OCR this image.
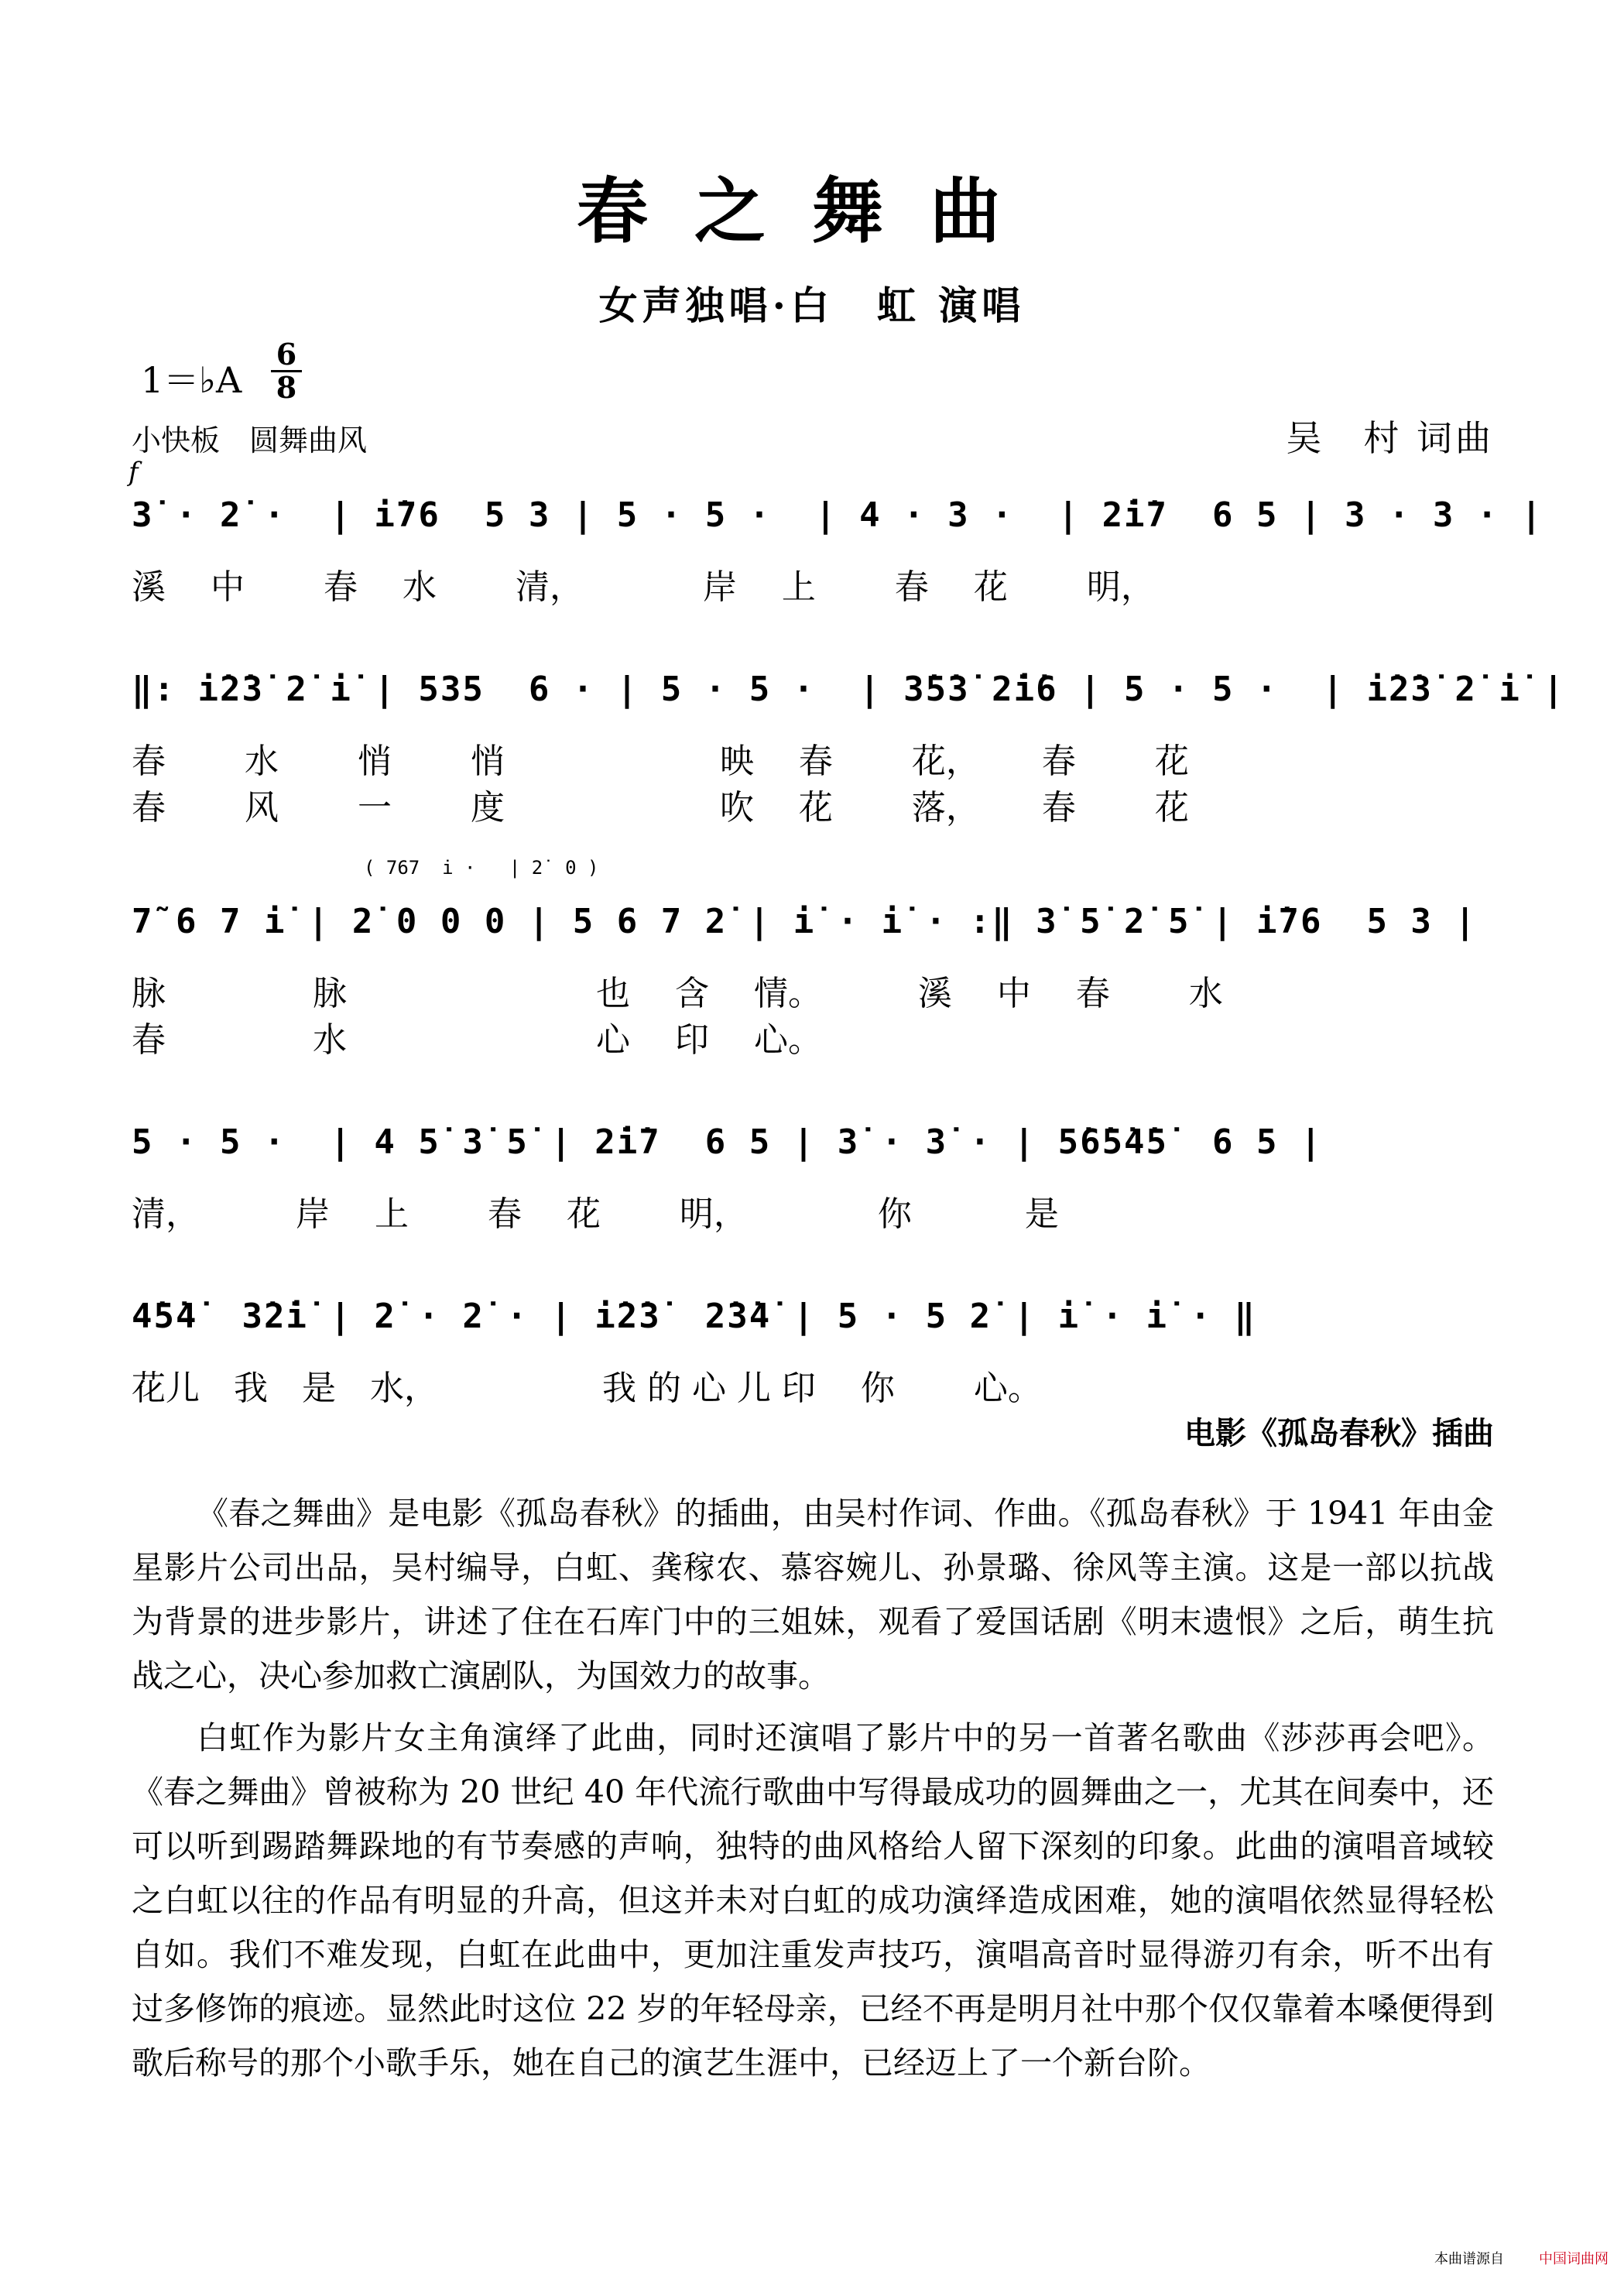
春之舞曲
女声独唱·白　虹 演唱
1＝♭A
6
8
小快板　圆舞曲风	吴　村 词曲
f
3̇ · 2̇ ·  | i̇76  5 3 | 5 · 5 ·  | 4 · 3 ·  | 2̇i̇7  6 5 | 3 · 3 · |
溪　 中　　 春　 水　　 清，　　　　岸　 上　　 春　 花　　 明，
‖: i̇2̇3̇ 2̇ i̇ | 535  6 · | 5 · 5 ·  | 3̇5̇3̇ 2̇i̇6 | 5 · 5 ·  | i̇2̇3̇ 2̇ i̇ |
春　　 水　　 悄　　 悄　　　　　　 映　 春　　 花，　　 春　　 花
春　　 风　　 一　　 度　　　　　　 吹　 花　　 落，　　 春　　 花
( 767  i̇ ·   | 2̇  0 )
7̃ 6 7 i̇ | 2̇ 0 0 0 | 5 6 7 2̇ | i̇ · i̇ · :‖ 3̇ 5̇ 2̇ 5̇ | i̇76  5 3 |
脉　　　　 脉　　　　　　　 也　 含　 情。　　　 溪　 中　 春　　 水
春　　　　 水　　　　　　　 心　 印　 心。
5 · 5 ·  | 4 5̇ 3̇ 5̇ | 2̇i̇7  6 5 | 3̇ · 3̇ · | 5̇6̇5̇4̇5̇  6 5 |
清，　　　 岸　 上　　 春　 花　　 明，　　　　 你　　　 是
4̇5̇4̇  3̇2̇i̇ | 2̇ · 2̇ · | i̇2̇3̇  2̇3̇4̇ | 5 · 5 2̇ | i̇ · i̇ · ‖
花儿　我　是　水，　　　　　 我 的 心 儿 印　 你　　 心。
电影《孤岛春秋》插曲
《春之舞曲》是电影《孤岛春秋》的插曲，由吴村作词、作曲。《孤岛春秋》于 1941 年由金星影片公司出品，吴村编导，白虹、龚稼农、慕容婉儿、孙景璐、徐风等主演。这是一部以抗战为背景的进步影片，讲述了住在石库门中的三姐妹，观看了爱国话剧《明末遗恨》之后，萌生抗战之心，决心参加救亡演剧队，为国效力的故事。
白虹作为影片女主角演绎了此曲，同时还演唱了影片中的另一首著名歌曲《莎莎再会吧》。《春之舞曲》曾被称为 20 世纪 40 年代流行歌曲中写得最成功的圆舞曲之一，尤其在间奏中，还可以听到踢踏舞跺地的有节奏感的声响，独特的曲风格给人留下深刻的印象。此曲的演唱音域较之白虹以往的作品有明显的升高，但这并未对白虹的成功演绎造成困难，她的演唱依然显得轻松自如。我们不难发现，白虹在此曲中，更加注重发声技巧，演唱高音时显得游刃有余，听不出有过多修饰的痕迹。显然此时这位 22 岁的年轻母亲，已经不再是明月社中那个仅仅靠着本嗓便得到歌后称号的那个小歌手乐，她在自己的演艺生涯中，已经迈上了一个新台阶。
本曲谱源自	中国词曲网
